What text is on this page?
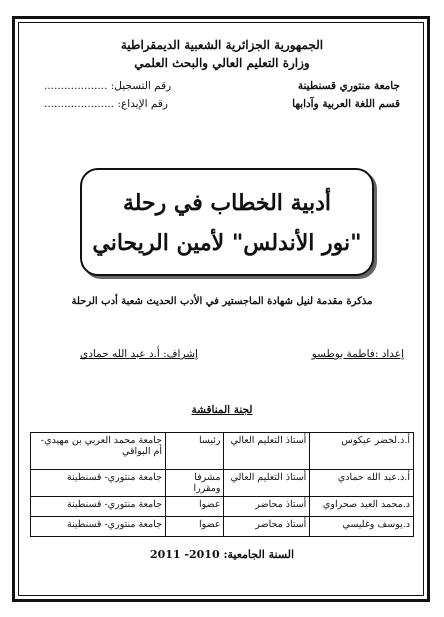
الجمهورية الجزائرية الشعبية الديمقراطية
وزارة التعليم العالي والبحث العلمي
جامعة منتوري قسنطينة
قسم اللغة العربية وآدابها
رقم التسجيل: ...................
رقم الإيداع: .....................
أدبية الخطاب في رحلة
"نور الأندلس" لأمين الريحاني
مذكرة مقدمة لنيل شهادة الماجستير في الأدب الحديث شعبة أدب الرحلة
إعداد :فاطمة بوطسو
إشراف: أ.د عبد الله حمادي
لجنة المناقشة
أ.د.لخضر عيكوس	أستاذ التعليم العالي	رئيسا	جامعة محمد العربي بن مهيدي- أم البواقي
أ.د.عبد الله حمادي	أستاذ التعليم العالي	مشرفا ومقررا	جامعة منتوري- قسنطينة
د.محمد العيد صحراوي	أستاذ محاضر	عضوا	جامعة منتوري- قسنطينة
د.يوسف وغليسي	أستاذ محاضر	عضوا	جامعة منتوري- قسنطينة
السنة الجامعية: 2010- 2011
